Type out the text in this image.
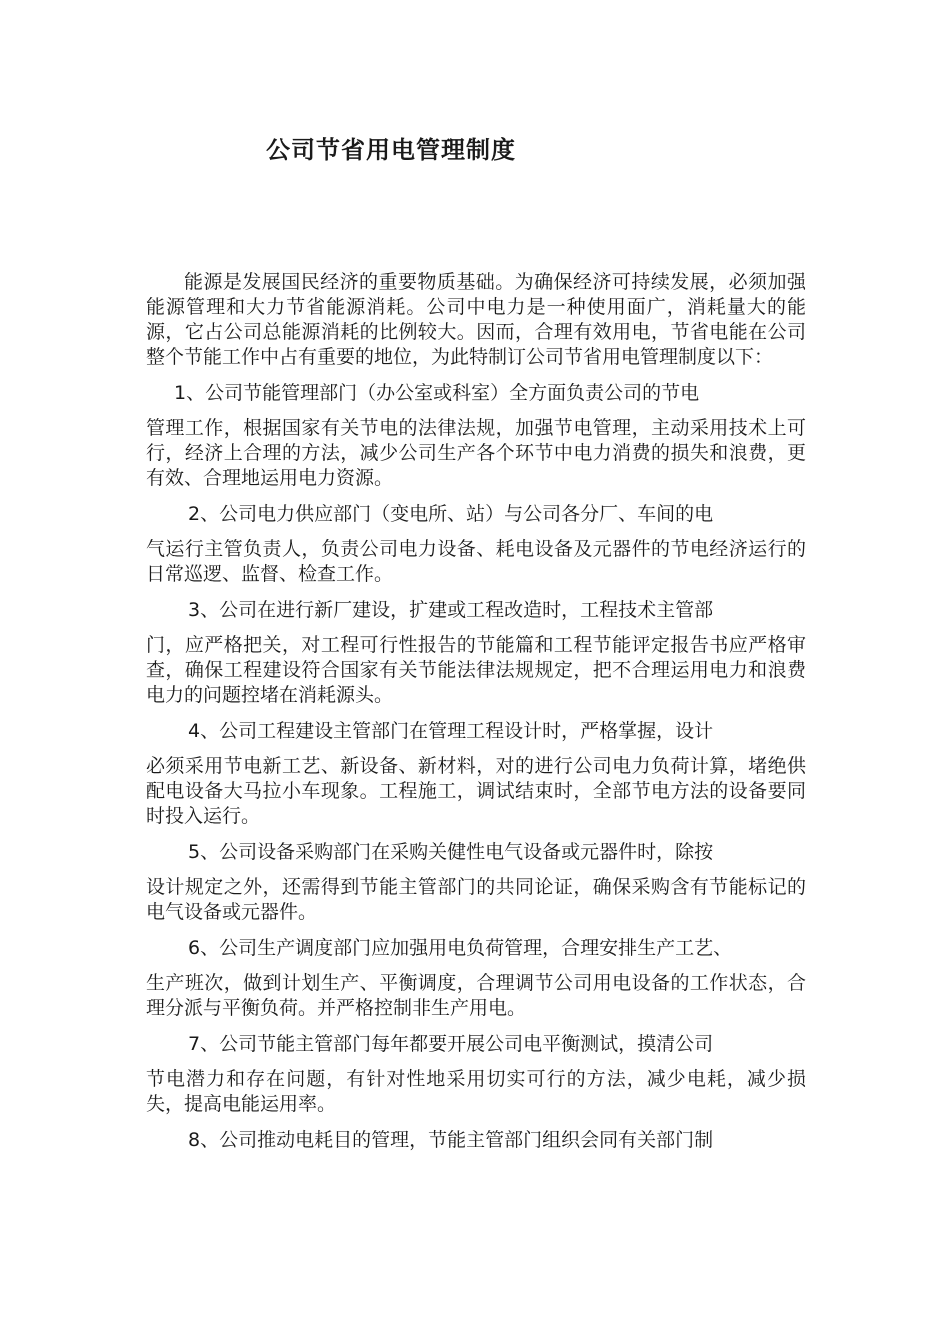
公司节省用电管理制度

能源是发展国民经济的重要物质基础。为确保经济可持续发展，必须加强能源管理和大力节省能源消耗。公司中电力是一种使用面广，消耗量大的能源，它占公司总能源消耗的比例较大。因而，合理有效用电，节省电能在公司整个节能工作中占有重要的地位，为此特制订公司节省用电管理制度以下：

1、公司节能管理部门（办公室或科室）全方面负责公司的节电
管理工作，根据国家有关节电的法律法规，加强节电管理，主动采用技术上可行，经济上合理的方法，减少公司生产各个环节中电力消费的损失和浪费，更有效、合理地运用电力资源。
2、公司电力供应部门（变电所、站）与公司各分厂、车间的电
气运行主管负责人，负责公司电力设备、耗电设备及元器件的节电经济运行的日常巡逻、监督、检查工作。
3、公司在进行新厂建设，扩建或工程改造时，工程技术主管部
门，应严格把关，对工程可行性报告的节能篇和工程节能评定报告书应严格审查，确保工程建设符合国家有关节能法律法规规定，把不合理运用电力和浪费电力的问题控堵在消耗源头。
4、公司工程建设主管部门在管理工程设计时，严格掌握，设计
必须采用节电新工艺、新设备、新材料，对的进行公司电力负荷计算，堵绝供配电设备大马拉小车现象。工程施工，调试结束时，全部节电方法的设备要同时投入运行。
5、公司设备采购部门在采购关健性电气设备或元器件时，除按
设计规定之外，还需得到节能主管部门的共同论证，确保采购含有节能标记的电气设备或元器件。
6、公司生产调度部门应加强用电负荷管理，合理安排生产工艺、
生产班次，做到计划生产、平衡调度，合理调节公司用电设备的工作状态，合理分派与平衡负荷。并严格控制非生产用电。
7、公司节能主管部门每年都要开展公司电平衡测试，摸清公司
节电潜力和存在问题，有针对性地采用切实可行的方法，减少电耗，减少损失，提高电能运用率。
8、公司推动电耗目的管理，节能主管部门组织会同有关部门制
